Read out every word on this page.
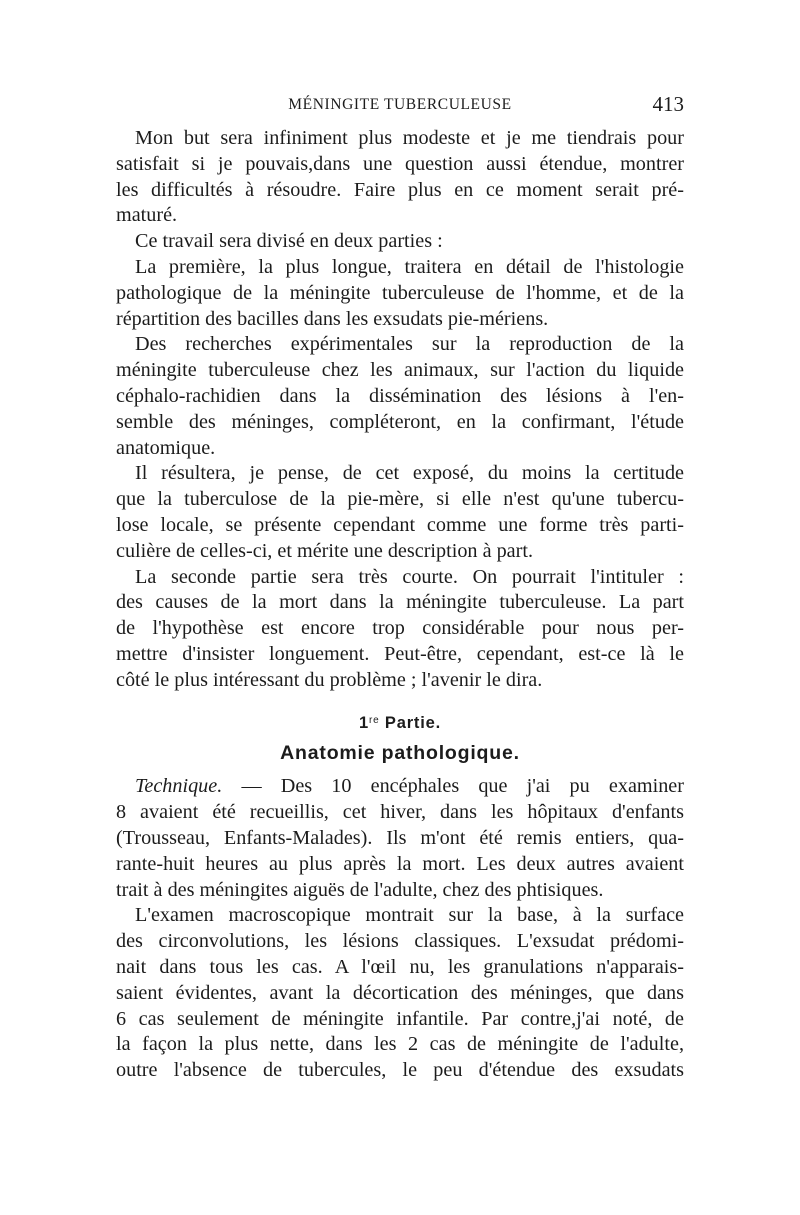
MÉNINGITE TUBERCULEUSE	413
Mon but sera infiniment plus modeste et je me tiendrais pour
satisfait si je pouvais,dans une question aussi étendue, montrer
les difficultés à résoudre. Faire plus en ce moment serait pré-
maturé.
Ce travail sera divisé en deux parties :
La première, la plus longue, traitera en détail de l'histologie
pathologique de la méningite tuberculeuse de l'homme, et de la
répartition des bacilles dans les exsudats pie-mériens.
Des recherches expérimentales sur la reproduction de la
méningite tuberculeuse chez les animaux, sur l'action du liquide
céphalo-rachidien dans la dissémination des lésions à l'en-
semble des méninges, compléteront, en la confirmant, l'étude
anatomique.
Il résultera, je pense, de cet exposé, du moins la certitude
que la tuberculose de la pie-mère, si elle n'est qu'une tubercu-
lose locale, se présente cependant comme une forme très parti-
culière de celles-ci, et mérite une description à part.
La seconde partie sera très courte. On pourrait l'intituler :
des causes de la mort dans la méningite tuberculeuse. La part
de l'hypothèse est encore trop considérable pour nous per-
mettre d'insister longuement. Peut-être, cependant, est-ce là le
côté le plus intéressant du problème ; l'avenir le dira.
1re Partie.
Anatomie pathologique.
Technique. — Des 10 encéphales que j'ai pu examiner
8 avaient été recueillis, cet hiver, dans les hôpitaux d'enfants
(Trousseau, Enfants-Malades). Ils m'ont été remis entiers, qua-
rante-huit heures au plus après la mort. Les deux autres avaient
trait à des méningites aiguës de l'adulte, chez des phtisiques.
L'examen macroscopique montrait sur la base, à la surface
des circonvolutions, les lésions classiques. L'exsudat prédomi-
nait dans tous les cas. A l'œil nu, les granulations n'apparais-
saient évidentes, avant la décortication des méninges, que dans
6 cas seulement de méningite infantile. Par contre,j'ai noté, de
la façon la plus nette, dans les 2 cas de méningite de l'adulte,
outre l'absence de tubercules, le peu d'étendue des exsudats
